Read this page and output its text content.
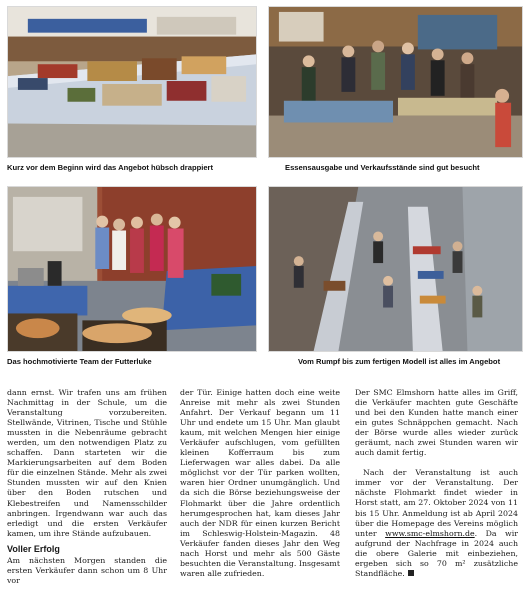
Kurz vor dem Beginn wird das Angebot hübsch drappiert	Essensausgabe und Verkaufsstände sind gut besucht
Das hochmotivierte Team der Futterluke	Vom Rumpf bis zum fertigen Modell ist alles im Angebot

dann ernst. Wir trafen uns am frühen Nachmittag in der Schule, um die Veranstaltung vorzubereiten. Stellwände, Vitrinen, Tische und Stühle mussten in die Nebenräume gebracht werden, um den notwendigen Platz zu schaffen. Dann starteten wir die Markierungsarbeiten auf dem Boden für die einzelnen Stände. Mehr als zwei Stunden mussten wir auf den Knien über den Boden rutschen und Klebestreifen und Namensschilder anbringen. Irgendwann war auch das erledigt und die ersten Verkäufer kamen, um ihre Stände aufzubauen.

Voller Erfolg

Am nächsten Morgen standen die ersten Verkäufer dann schon um 8 Uhr vor

der Tür. Einige hatten doch eine weite Anreise mit mehr als zwei Stunden Anfahrt. Der Verkauf begann um 11 Uhr und endete um 15 Uhr. Man glaubt kaum, mit welchen Mengen hier einige Verkäufer aufschlugen, vom gefüllten kleinen Kofferraum bis zum Lieferwagen war alles dabei. Da alle möglichst vor der Tür parken wollten, waren hier Ordner unumgänglich. Und da sich die Börse beziehungsweise der Flohmarkt über die Jahre ordentlich herumgesprochen hat, kam dieses Jahr auch der NDR für einen kurzen Bericht im Schleswig-Holstein-Magazin. 48 Verkäufer fanden dieses Jahr den Weg nach Horst und mehr als 500 Gäste besuchten die Veranstaltung. Insgesamt waren alle zufrieden.

Der SMC Elmshorn hatte alles im Griff, die Verkäufer machten gute Geschäfte und bei den Kunden hatte manch einer ein gutes Schnäppchen gemacht. Nach der Börse wurde alles wieder zurück geräumt, nach zwei Stunden waren wir auch damit fertig.

Nach der Veranstaltung ist auch immer vor der Veranstaltung. Der nächste Flohmarkt findet wieder in Horst statt, am 27. Oktober 2024 von 11 bis 15 Uhr. Anmeldung ist ab April 2024 über die Homepage des Vereins möglich unter www.smc-elmshorn.de. Da wir aufgrund der Nachfrage in 2024 auch die obere Galerie mit einbeziehen, ergeben sich so 70 m² zusätzliche Standfläche.
